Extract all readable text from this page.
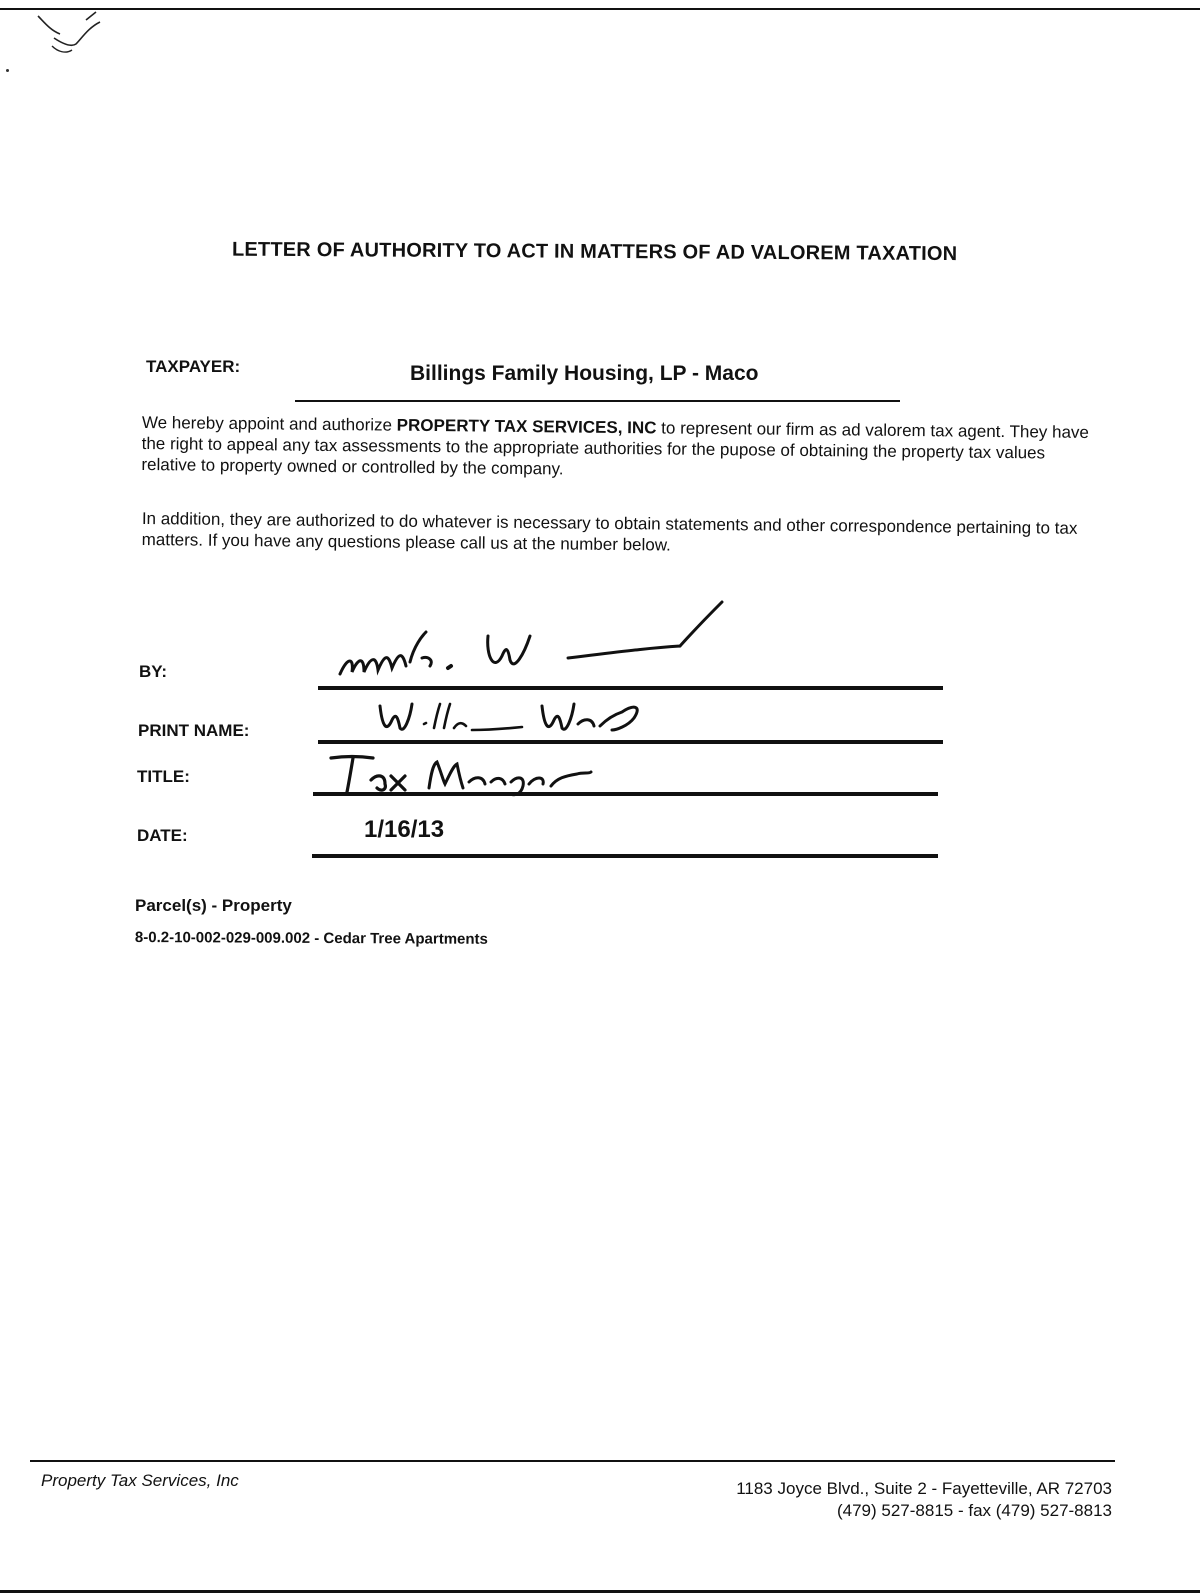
LETTER OF AUTHORITY TO ACT IN MATTERS OF AD VALOREM TAXATION
TAXPAYER:	Billings Family Housing, LP - Maco
We hereby appoint and authorize PROPERTY TAX SERVICES, INC to represent our firm as ad valorem tax agent. They have the right to appeal any tax assessments to the appropriate authorities for the pupose of obtaining the property tax values relative to property owned or controlled by the company.
In addition, they are authorized to do whatever is necessary to obtain statements and other correspondence pertaining to tax matters. If you have any questions please call us at the number below.
BY:
PRINT NAME:
TITLE:
DATE:	1/16/13
Parcel(s) - Property
8-0.2-10-002-029-009.002 - Cedar Tree Apartments
Property Tax Services, Inc	1183 Joyce Blvd., Suite 2 - Fayetteville, AR 72703
(479) 527-8815 - fax (479) 527-8813
